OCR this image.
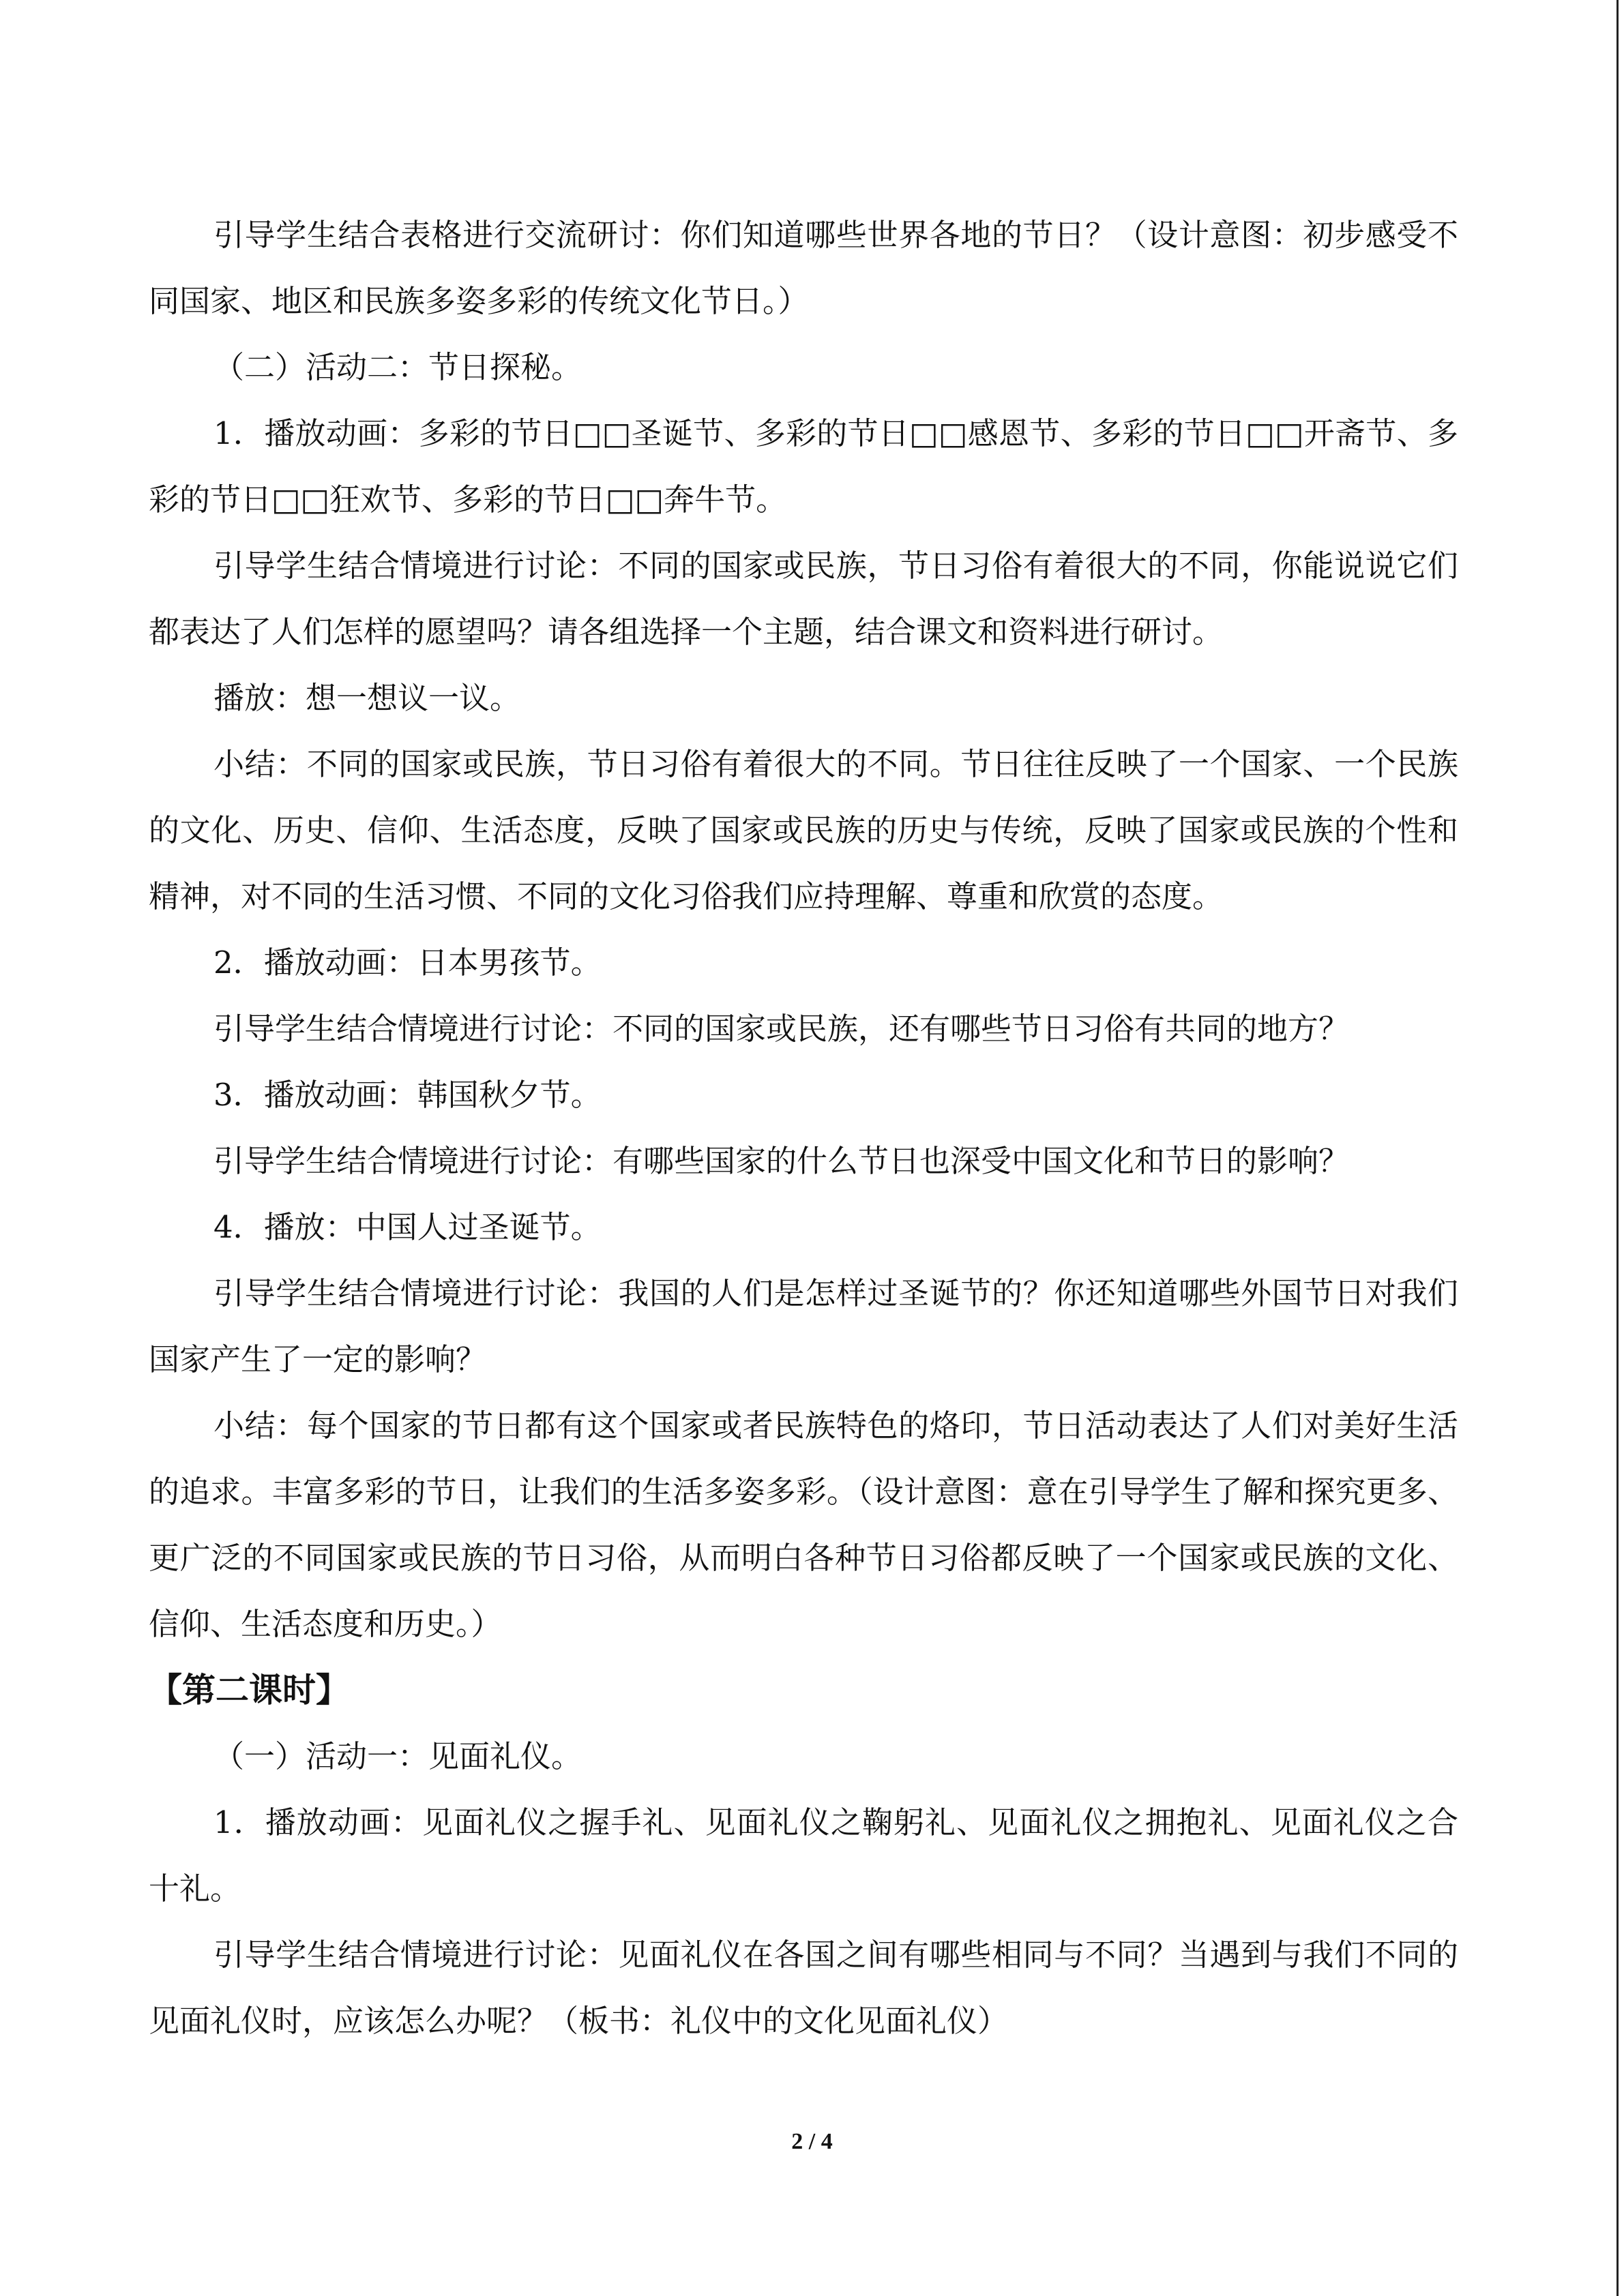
引导学生结合表格进行交流研讨：你们知道哪些世界各地的节日？（设计意图：初步感受不同国家、地区和民族多姿多彩的传统文化节日。）

（二）活动二：节日探秘。

1．播放动画：多彩的节日□□圣诞节、多彩的节日□□感恩节、多彩的节日□□开斋节、多彩的节日□□狂欢节、多彩的节日□□奔牛节。

引导学生结合情境进行讨论：不同的国家或民族，节日习俗有着很大的不同，你能说说它们都表达了人们怎样的愿望吗？请各组选择一个主题，结合课文和资料进行研讨。

播放：想一想议一议。

小结：不同的国家或民族，节日习俗有着很大的不同。节日往往反映了一个国家、一个民族的文化、历史、信仰、生活态度，反映了国家或民族的历史与传统，反映了国家或民族的个性和精神，对不同的生活习惯、不同的文化习俗我们应持理解、尊重和欣赏的态度。

2．播放动画：日本男孩节。

引导学生结合情境进行讨论：不同的国家或民族，还有哪些节日习俗有共同的地方？

3．播放动画：韩国秋夕节。

引导学生结合情境进行讨论：有哪些国家的什么节日也深受中国文化和节日的影响？

4．播放：中国人过圣诞节。

引导学生结合情境进行讨论：我国的人们是怎样过圣诞节的？你还知道哪些外国节日对我们国家产生了一定的影响？

小结：每个国家的节日都有这个国家或者民族特色的烙印，节日活动表达了人们对美好生活的追求。丰富多彩的节日，让我们的生活多姿多彩。（设计意图：意在引导学生了解和探究更多、更广泛的不同国家或民族的节日习俗，从而明白各种节日习俗都反映了一个国家或民族的文化、信仰、生活态度和历史。）

【第二课时】

（一）活动一：见面礼仪。

1．播放动画：见面礼仪之握手礼、见面礼仪之鞠躬礼、见面礼仪之拥抱礼、见面礼仪之合十礼。

引导学生结合情境进行讨论：见面礼仪在各国之间有哪些相同与不同？当遇到与我们不同的见面礼仪时，应该怎么办呢？（板书：礼仪中的文化见面礼仪）

2 / 4
